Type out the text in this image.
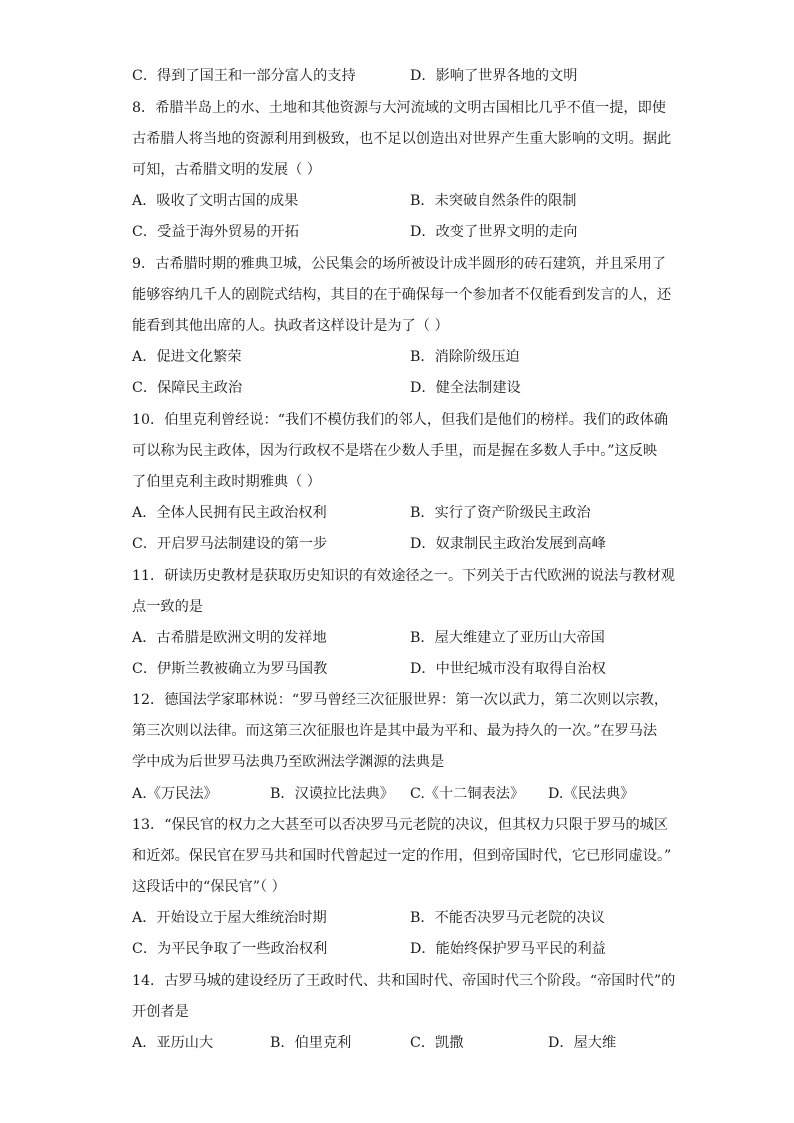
C．得到了国王和一部分富人的支持	D．影响了世界各地的文明
8．希腊半岛上的水、土地和其他资源与大河流域的文明古国相比几乎不值一提，即使
古希腊人将当地的资源利用到极致，也不足以创造出对世界产生重大影响的文明。据此
可知，古希腊文明的发展（ ）
A．吸收了文明古国的成果	B．未突破自然条件的限制
C．受益于海外贸易的开拓	D．改变了世界文明的走向
9．古希腊时期的雅典卫城，公民集会的场所被设计成半圆形的砖石建筑，并且采用了
能够容纳几千人的剧院式结构，其目的在于确保每一个参加者不仅能看到发言的人，还
能看到其他出席的人。执政者这样设计是为了（ ）
A．促进文化繁荣	B．消除阶级压迫
C．保障民主政治	D．健全法制建设
10．伯里克利曾经说：“我们不模仿我们的邻人，但我们是他们的榜样。我们的政体确
可以称为民主政体，因为行政权不是塔在少数人手里，而是握在多数人手中。”这反映
了伯里克利主政时期雅典（ ）
A．全体人民拥有民主政治权利	B．实行了资产阶级民主政治
C．开启罗马法制建设的第一步	D．奴隶制民主政治发展到高峰
11．研读历史教材是获取历史知识的有效途径之一。下列关于古代欧洲的说法与教材观
点一致的是
A．古希腊是欧洲文明的发祥地	B．屋大维建立了亚历山大帝国
C．伊斯兰教被确立为罗马国教	D．中世纪城市没有取得自治权
12．德国法学家耶林说：“罗马曾经三次征服世界：第一次以武力，第二次则以宗教，
第三次则以法律。而这第三次征服也许是其中最为平和、最为持久的一次。”在罗马法
学中成为后世罗马法典乃至欧洲法学渊源的法典是
A.《万民法》	B．汉谟拉比法典》 C.《十二铜表法》 D.《民法典》
13．“保民官的权力之大甚至可以否决罗马元老院的决议，但其权力只限于罗马的城区
和近郊。保民官在罗马共和国时代曾起过一定的作用，但到帝国时代，它已形同虚设。”
这段话中的“保民官”（ ）
A．开始设立于屋大维统治时期	B．不能否决罗马元老院的决议
C．为平民争取了一些政治权利	D．能始终保护罗马平民的利益
14．古罗马城的建设经历了王政时代、共和国时代、帝国时代三个阶段。“帝国时代”的
开创者是
A．亚历山大	B．伯里克利	C．凯撒	D．屋大维
